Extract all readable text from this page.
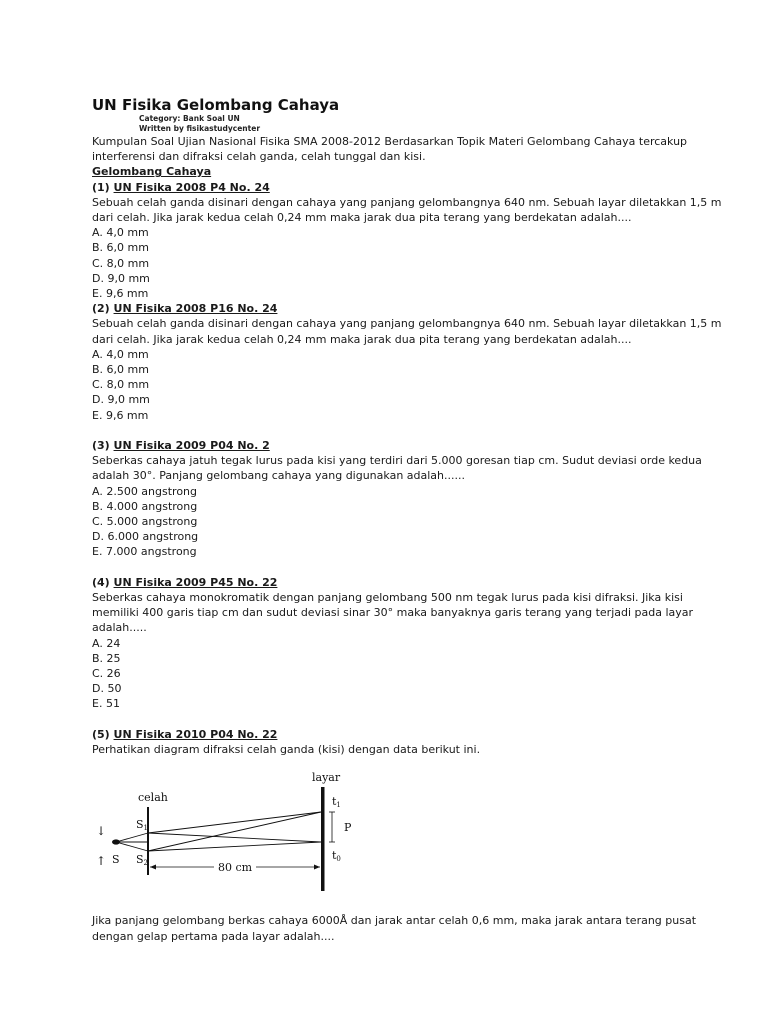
UN Fisika Gelombang Cahaya
Category: Bank Soal UN
Written by fisikastudycenter

Kumpulan Soal Ujian Nasional Fisika SMA 2008-2012 Berdasarkan Topik Materi Gelombang Cahaya tercakup interferensi dan difraksi celah ganda, celah tunggal dan kisi.

Gelombang Cahaya

(1) UN Fisika 2008 P4 No. 24

Sebuah celah ganda disinari dengan cahaya yang panjang gelombangnya 640 nm. Sebuah layar diletakkan 1,5 m dari celah. Jika jarak kedua celah 0,24 mm maka jarak dua pita terang yang berdekatan adalah....

A. 4,0 mm

B. 6,0 mm

C. 8,0 mm

D. 9,0 mm

E. 9,6 mm

(2) UN Fisika 2008 P16 No. 24

Sebuah celah ganda disinari dengan cahaya yang panjang gelombangnya 640 nm. Sebuah layar diletakkan 1,5 m dari celah. Jika jarak kedua celah 0,24 mm maka jarak dua pita terang yang berdekatan adalah....

A. 4,0 mm

B. 6,0 mm

C. 8,0 mm

D. 9,0 mm

E. 9,6 mm

(3) UN Fisika 2009 P04 No. 2

Seberkas cahaya jatuh tegak lurus pada kisi yang terdiri dari 5.000 goresan tiap cm. Sudut deviasi orde kedua adalah 30°. Panjang gelombang cahaya yang digunakan adalah......

A. 2.500 angstrong

B. 4.000 angstrong

C. 5.000 angstrong

D. 6.000 angstrong

E. 7.000 angstrong

(4) UN Fisika 2009 P45 No. 22

Seberkas cahaya monokromatik dengan panjang gelombang 500 nm tegak lurus pada kisi difraksi. Jika kisi memiliki 400 garis tiap cm dan sudut deviasi sinar 30° maka banyaknya garis terang yang terjadi pada layar adalah.....

A. 24

B. 25

C. 26

D. 50

E. 51

(5) UN Fisika 2010 P04 No. 22

Perhatikan diagram difraksi celah ganda (kisi) dengan data berikut ini.

layar
celah
S1
S2
S
↓
↑
t1
t0
P
80 cm

Jika panjang gelombang berkas cahaya 6000Å dan jarak antar celah 0,6 mm, maka jarak antara terang pusat dengan gelap pertama pada layar adalah....
